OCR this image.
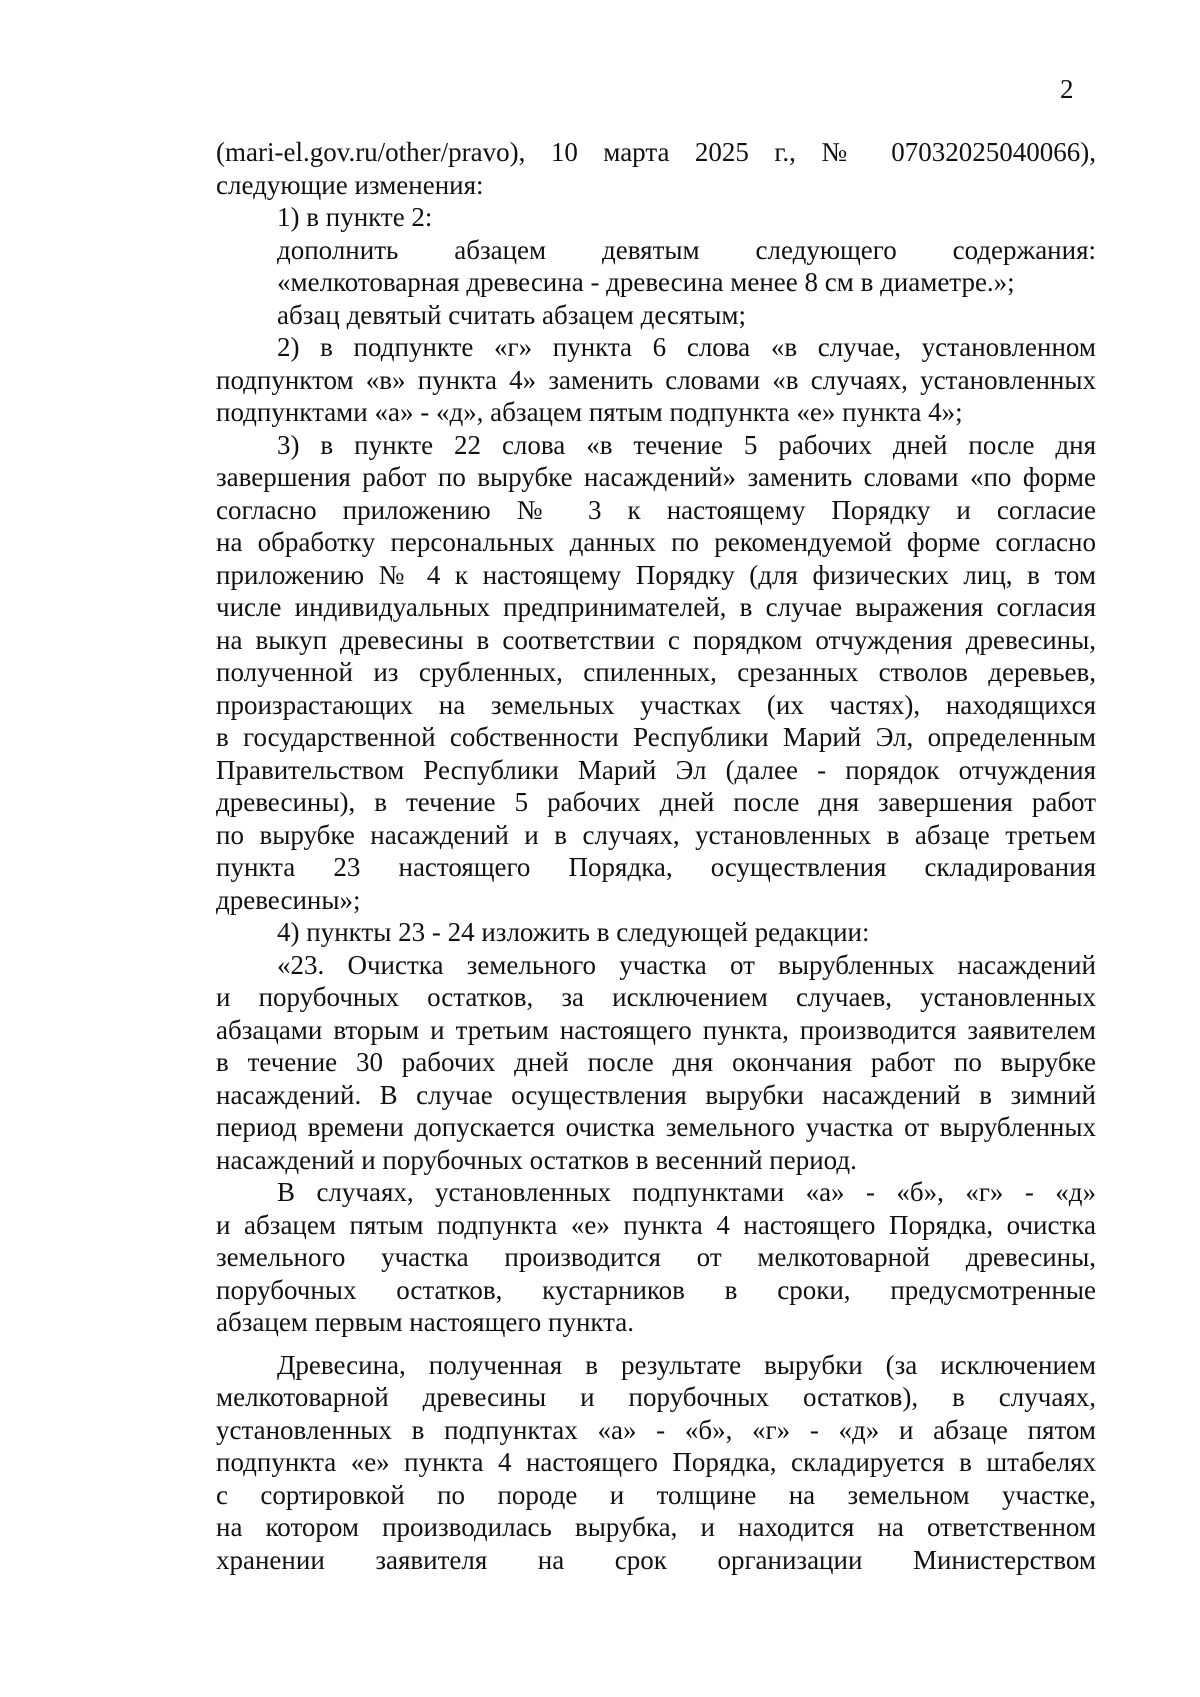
2
(mari-el.gov.ru/other/pravo), 10 марта 2025 г., № 07032025040066),
следующие изменения:
1) в пункте 2:
дополнить абзацем девятым следующего содержания:
«мелкотоварная древесина - древесина менее 8 см в диаметре.»;
абзац девятый считать абзацем десятым;
2) в подпункте «г» пункта 6 слова «в случае, установленном
подпунктом «в» пункта 4» заменить словами «в случаях, установленных
подпунктами «а» - «д», абзацем пятым подпункта «е» пункта 4»;
3) в пункте 22 слова «в течение 5 рабочих дней после дня
завершения работ по вырубке насаждений» заменить словами «по форме
согласно приложению № 3 к настоящему Порядку и согласие
на обработку персональных данных по рекомендуемой форме согласно
приложению № 4 к настоящему Порядку (для физических лиц, в том
числе индивидуальных предпринимателей, в случае выражения согласия
на выкуп древесины в соответствии с порядком отчуждения древесины,
полученной из срубленных, спиленных, срезанных стволов деревьев,
произрастающих на земельных участках (их частях), находящихся
в государственной собственности Республики Марий Эл, определенным
Правительством Республики Марий Эл (далее - порядок отчуждения
древесины), в течение 5 рабочих дней после дня завершения работ
по вырубке насаждений и в случаях, установленных в абзаце третьем
пункта 23 настоящего Порядка, осуществления складирования
древесины»;
4) пункты 23 - 24 изложить в следующей редакции:
«23. Очистка земельного участка от вырубленных насаждений
и порубочных остатков, за исключением случаев, установленных
абзацами вторым и третьим настоящего пункта, производится заявителем
в течение 30 рабочих дней после дня окончания работ по вырубке
насаждений. В случае осуществления вырубки насаждений в зимний
период времени допускается очистка земельного участка от вырубленных
насаждений и порубочных остатков в весенний период.
В случаях, установленных подпунктами «а» - «б», «г» - «д»
и абзацем пятым подпункта «е» пункта 4 настоящего Порядка, очистка
земельного участка производится от мелкотоварной древесины,
порубочных остатков, кустарников в сроки, предусмотренные
абзацем первым настоящего пункта.
Древесина, полученная в результате вырубки (за исключением
мелкотоварной древесины и порубочных остатков), в случаях,
установленных в подпунктах «а» - «б», «г» - «д» и абзаце пятом
подпункта «е» пункта 4 настоящего Порядка, складируется в штабелях
с сортировкой по породе и толщине на земельном участке,
на котором производилась вырубка, и находится на ответственном
хранении заявителя на срок организации Министерством
